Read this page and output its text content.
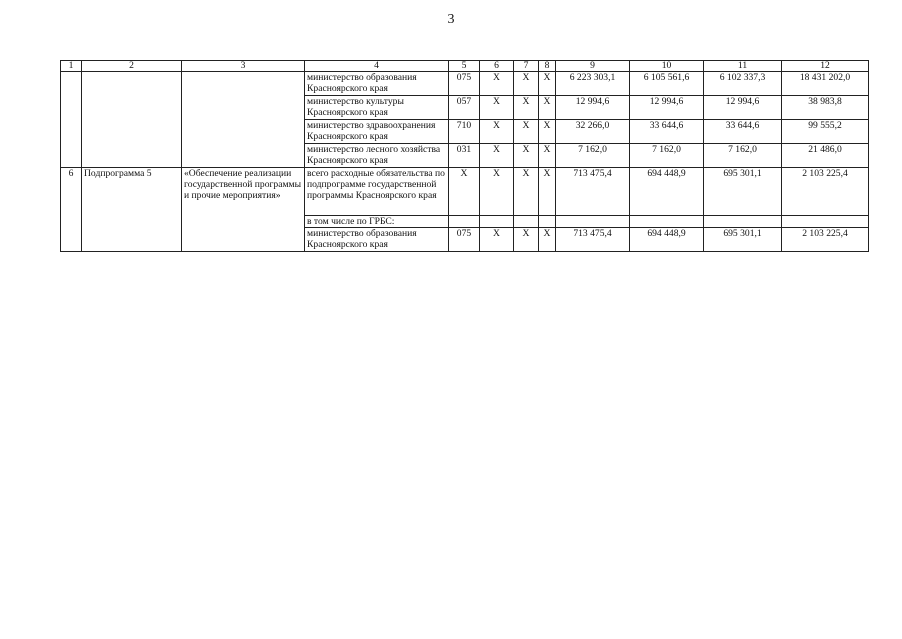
3
1	2	3	4	5	6	7	8	9	10	11	12
			министерство образования Красноярского края	075	X	X	X	6 223 303,1	6 105 561,6	6 102 337,3	18 431 202,0
			министерство культуры Красноярского края	057	X	X	X	12 994,6	12 994,6	12 994,6	38 983,8
			министерство здравоохранения Красноярского края	710	X	X	X	32 266,0	33 644,6	33 644,6	99 555,2
			министерство лесного хозяйства Красноярского края	031	X	X	X	7 162,0	7 162,0	7 162,0	21 486,0
6	Подпрограмма 5	«Обеспечение реализации государственной программы и прочие мероприятия»	всего расходные обязательства по подпрограмме государственной программы Красноярского края	X	X	X	X	713 475,4	694 448,9	695 301,1	2 103 225,4
			в том числе по ГРБС:								
			министерство образования Красноярского края	075	X	X	X	713 475,4	694 448,9	695 301,1	2 103 225,4
